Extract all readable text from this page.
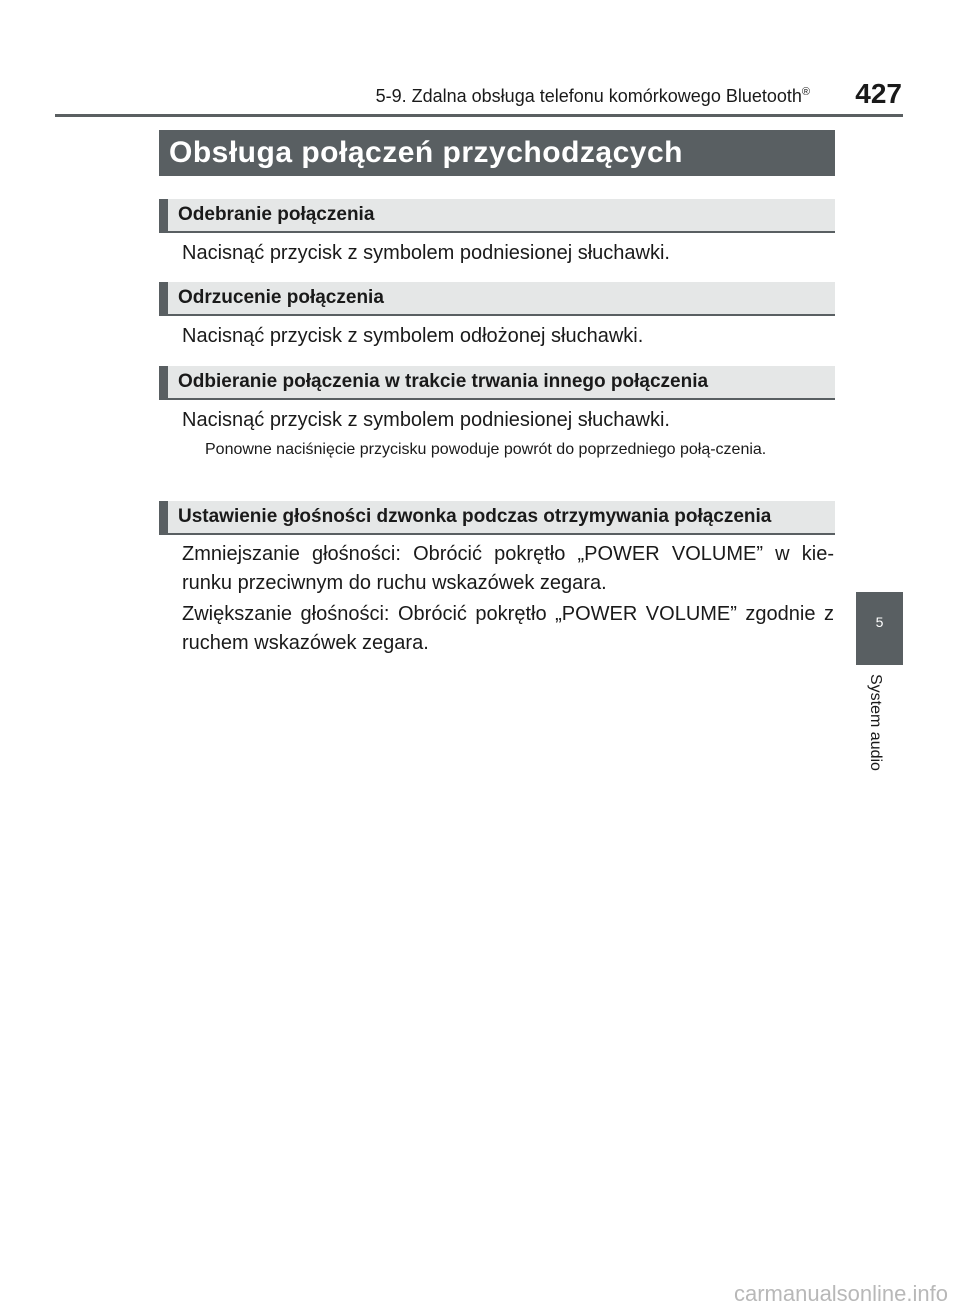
5-9. Zdalna obsługa telefonu komórkowego Bluetooth® 427
Obsługa połączeń przychodzących
Odebranie połączenia
Nacisnąć przycisk z symbolem podniesionej słuchawki.
Odrzucenie połączenia
Nacisnąć przycisk z symbolem odłożonej słuchawki.
Odbieranie połączenia w trakcie trwania innego połączenia
Nacisnąć przycisk z symbolem podniesionej słuchawki.
Ponowne naciśnięcie przycisku powoduje powrót do poprzedniego połą-czenia.
Ustawienie głośności dzwonka podczas otrzymywania połączenia
Zmniejszanie głośności: Obrócić pokrętło „POWER VOLUME” w kie-runku przeciwnym do ruchu wskazówek zegara.
Zwiększanie głośności: Obrócić pokrętło „POWER VOLUME” zgodnie z ruchem wskazówek zegara.
5
System audio
carmanualsonline.info
